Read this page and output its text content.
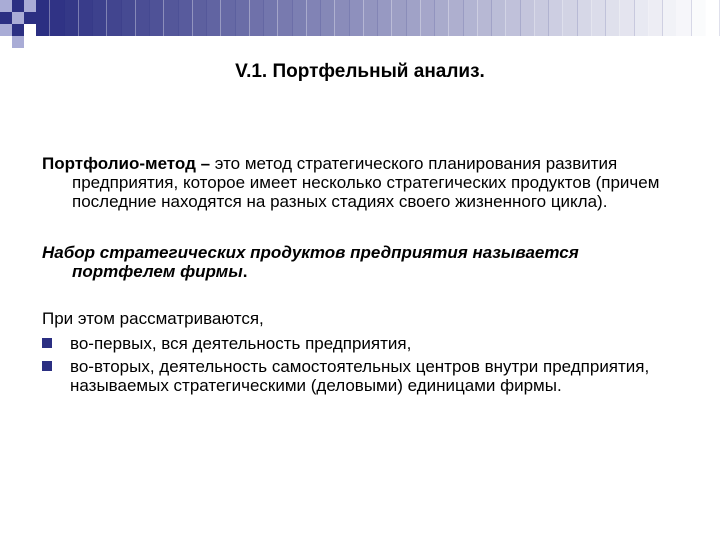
V.1. Портфельный анализ.

Портфолио-метод – это метод стратегического планирования развития предприятия, которое имеет несколько стратегических продуктов (причем последние находятся на разных стадиях своего жизненного цикла).

Набор стратегических продуктов предприятия называется портфелем фирмы.

При этом рассматриваются,

во-первых, вся деятельность предприятия,
во-вторых, деятельность самостоятельных центров внутри предприятия, называемых стратегическими (деловыми) единицами фирмы.
